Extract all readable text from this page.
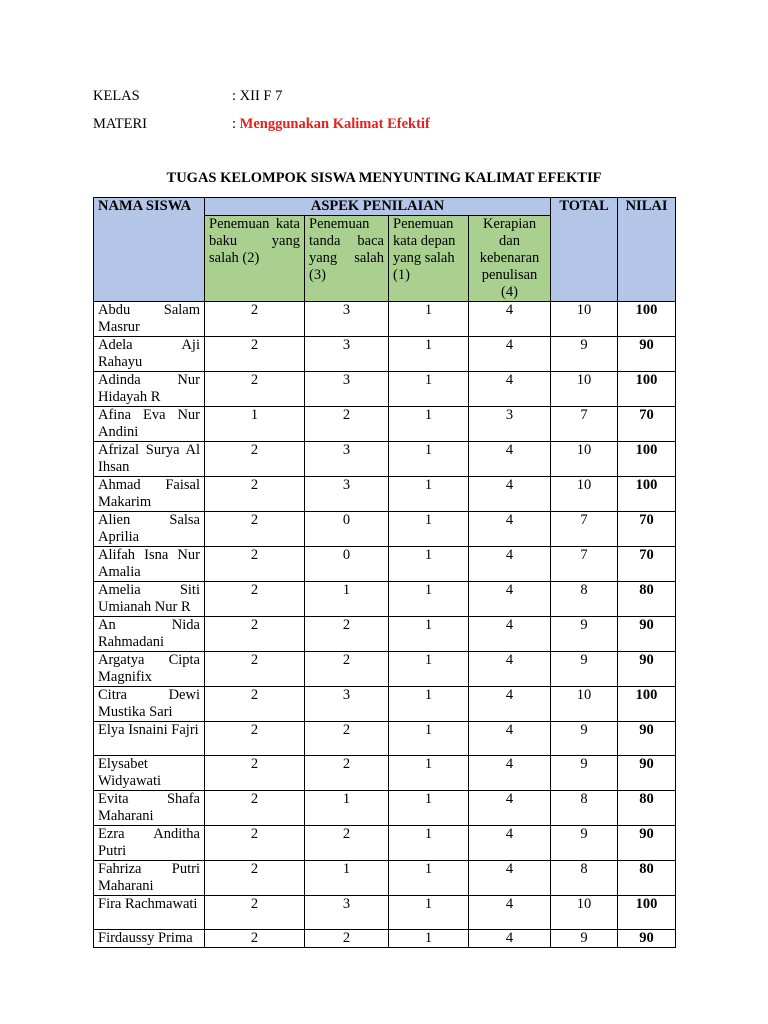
KELAS	: XII F 7
MATERI	: Menggunakan Kalimat Efektif
TUGAS KELOMPOK SISWA MENYUNTING KALIMAT EFEKTIF
NAMA SISWA	ASPEK PENILAIAN				TOTAL	NILAI
	Penemuan kata baku yang salah (2)	Penemuan tanda baca yang salah (3)	Penemuan kata depan yang salah (1)	Kerapian dan kebenaran penulisan (4)		
Abdu Salam Masrur	2	3	1	4	10	100
Adela Aji Rahayu	2	3	1	4	9	90
Adinda Nur Hidayah R	2	3	1	4	10	100
Afina Eva Nur Andini	1	2	1	3	7	70
Afrizal Surya Al Ihsan	2	3	1	4	10	100
Ahmad Faisal Makarim	2	3	1	4	10	100
Alien Salsa Aprilia	2	0	1	4	7	70
Alifah Isna Nur Amalia	2	0	1	4	7	70
Amelia Siti Umianah Nur R	2	1	1	4	8	80
An Nida Rahmadani	2	2	1	4	9	90
Argatya Cipta Magnifix	2	2	1	4	9	90
Citra Dewi Mustika Sari	2	3	1	4	10	100
Elya Isnaini Fajri	2	2	1	4	9	90
Elysabet Widyawati	2	2	1	4	9	90
Evita Shafa Maharani	2	1	1	4	8	80
Ezra Anditha Putri	2	2	1	4	9	90
Fahriza Putri Maharani	2	1	1	4	8	80
Fira Rachmawati	2	3	1	4	10	100
Firdaussy Prima	2	2	1	4	9	90
